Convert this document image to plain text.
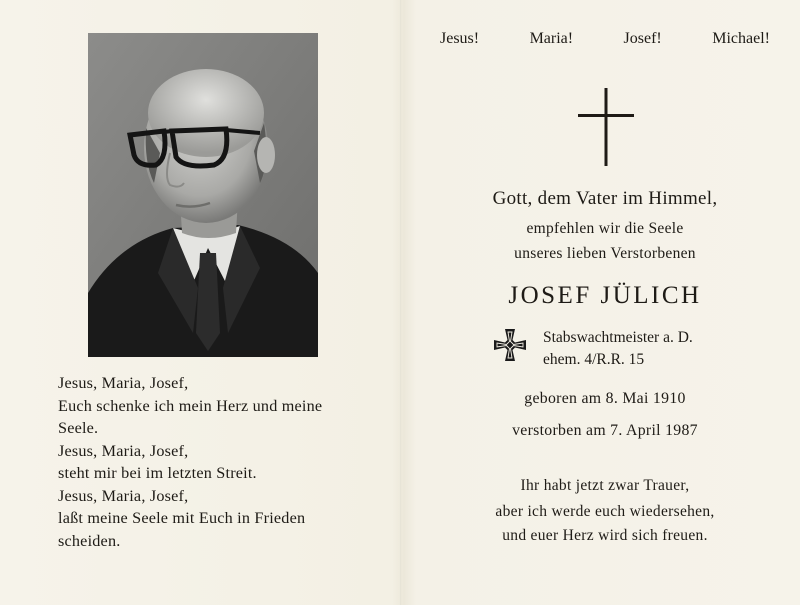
Jesus, Maria, Josef,
Euch schenke ich mein Herz und meine
Seele.
Jesus, Maria, Josef,
steht mir bei im letzten Streit.
Jesus, Maria, Josef,
laßt meine Seele mit Euch in Frieden
scheiden.
Jesus!	Maria!	Josef!	Michael!
Gott, dem Vater im Himmel,
empfehlen wir die Seele
unseres lieben Verstorbenen
JOSEF JÜLICH
Stabswachtmeister a. D.
ehem. 4/R.R. 15
geboren am 8. Mai 1910
verstorben am 7. April 1987
Ihr habt jetzt zwar Trauer,
aber ich werde euch wiedersehen,
und euer Herz wird sich freuen.
